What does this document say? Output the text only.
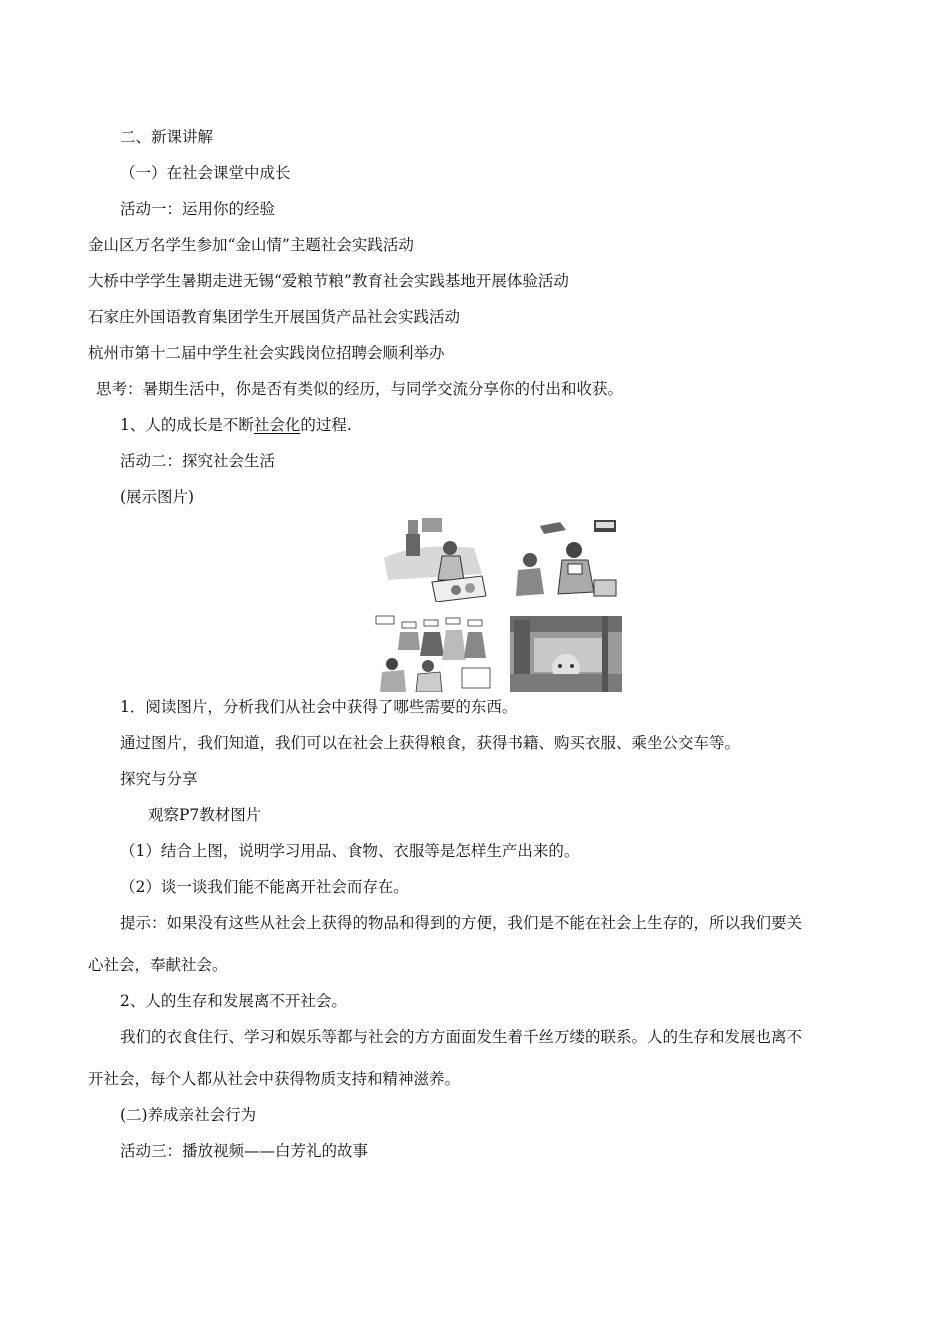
二、新课讲解
（一）在社会课堂中成长
活动一：运用你的经验
金山区万名学生参加“金山情”主题社会实践活动
大桥中学学生暑期走进无锡“爱粮节粮”教育社会实践基地开展体验活动
石家庄外国语教育集团学生开展国货产品社会实践活动
杭州市第十二届中学生社会实践岗位招聘会顺利举办
思考：暑期生活中，你是否有类似的经历，与同学交流分享你的付出和收获。
1、人的成长是不断社会化的过程.
活动二：探究社会生活
(展示图片)
1．阅读图片，分析我们从社会中获得了哪些需要的东西。
通过图片，我们知道，我们可以在社会上获得粮食，获得书籍、购买衣服、乘坐公交车等。
探究与分享
观察P7教材图片
（1）结合上图，说明学习用品、食物、衣服等是怎样生产出来的。
（2）谈一谈我们能不能离开社会而存在。
提示：如果没有这些从社会上获得的物品和得到的方便，我们是不能在社会上生存的，所以我们要关
心社会，奉献社会。
2、人的生存和发展离不开社会。
我们的衣食住行、学习和娱乐等都与社会的方方面面发生着千丝万缕的联系。人的生存和发展也离不
开社会，每个人都从社会中获得物质支持和精神滋养。
(二)养成亲社会行为
活动三：播放视频——白芳礼的故事
